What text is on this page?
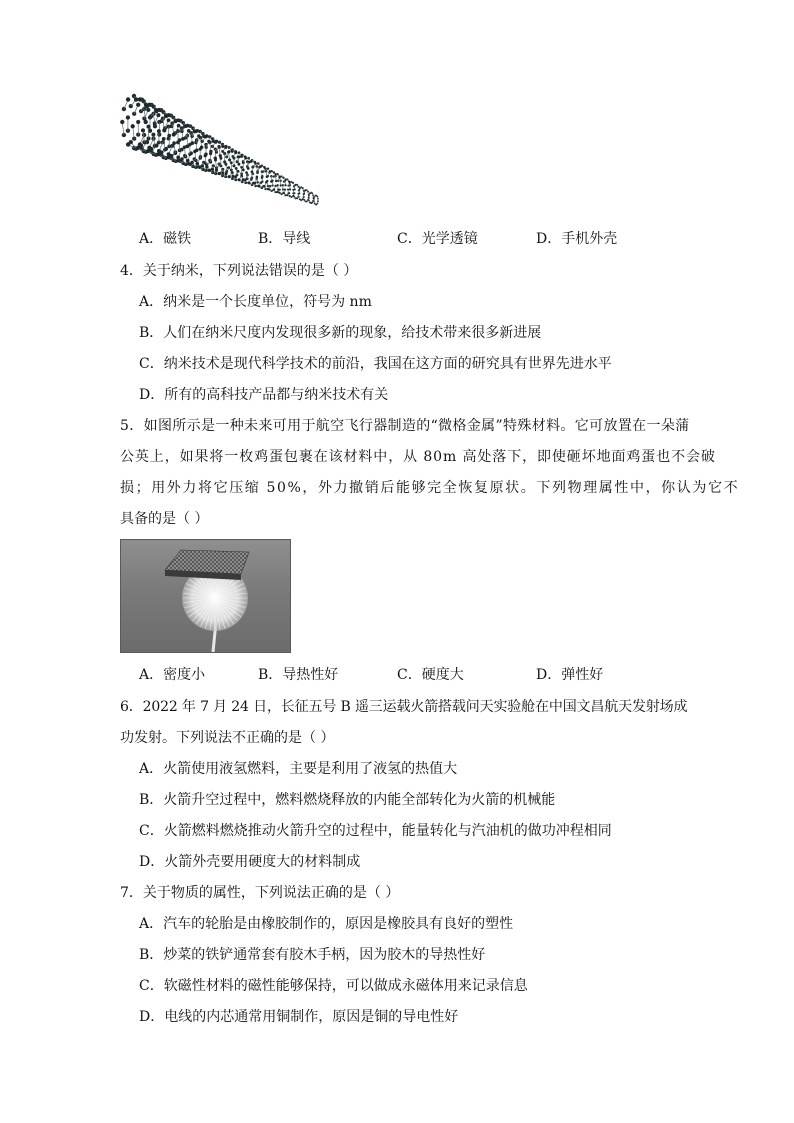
A．磁铁	B．导线	C．光学透镜	D．手机外壳
4．关于纳米，下列说法错误的是（ ）
A．纳米是一个长度单位，符号为 nm
B．人们在纳米尺度内发现很多新的现象，给技术带来很多新进展
C．纳米技术是现代科学技术的前沿，我国在这方面的研究具有世界先进水平
D．所有的高科技产品都与纳米技术有关
5．如图所示是一种未来可用于航空飞行器制造的“微格金属”特殊材料。它可放置在一朵蒲
公英上，如果将一枚鸡蛋包裹在该材料中，从 80m 高处落下，即使砸坏地面鸡蛋也不会破
损；用外力将它压缩 50%，外力撤销后能够完全恢复原状。下列物理属性中，你认为它不
具备的是（ ）
A．密度小	B．导热性好	C．硬度大	D．弹性好
6．2022 年 7 月 24 日，长征五号 B 遥三运载火箭搭载问天实验舱在中国文昌航天发射场成
功发射。下列说法不正确的是（ ）
A．火箭使用液氢燃料，主要是利用了液氢的热值大
B．火箭升空过程中，燃料燃烧释放的内能全部转化为火箭的机械能
C．火箭燃料燃烧推动火箭升空的过程中，能量转化与汽油机的做功冲程相同
D．火箭外壳要用硬度大的材料制成
7．关于物质的属性，下列说法正确的是（ ）
A．汽车的轮胎是由橡胶制作的，原因是橡胶具有良好的塑性
B．炒菜的铁铲通常套有胶木手柄，因为胶木的导热性好
C．软磁性材料的磁性能够保持，可以做成永磁体用来记录信息
D．电线的内芯通常用铜制作，原因是铜的导电性好
